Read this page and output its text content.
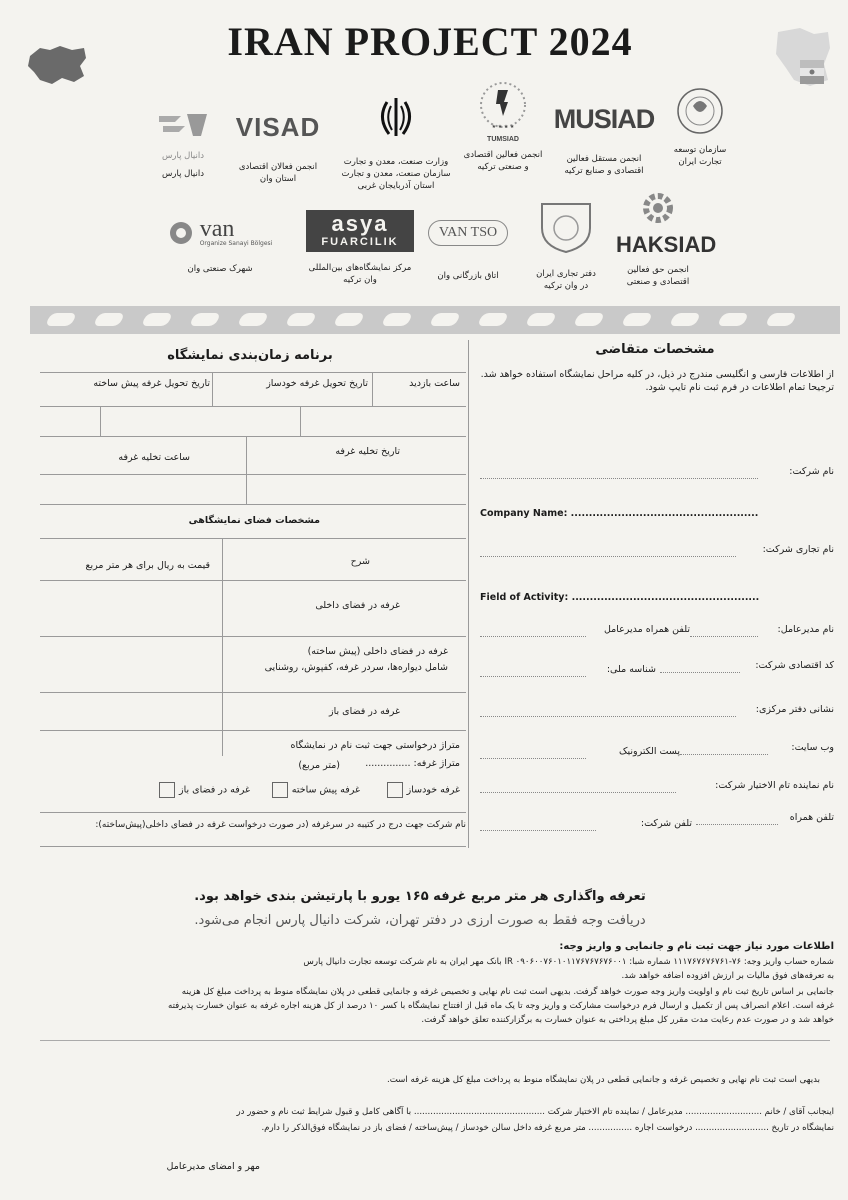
IRAN PROJECT 2024
سازمان توسعه
تجارت ایران
MUSIAD
انجمن مستقل فعالین
اقتصادی و صنایع ترکیه
★ ★ ★ ★
TUMSIAD
انجمن فعالین اقتصادی
و صنعتی ترکیه
وزارت صنعت، معدن و تجارت
سازمان صنعت، معدن و تجارت
استان آذربایجان غربی
VISAD
انجمن فعالان اقتصادی
استان وان
دانیال پارس
دانیال پارس
HAKSIAD
انجمن حق فعالین
اقتصادی و صنعتی
دفتر تجاری ایران
در وان ترکیه
VAN TSO
اتاق بازرگانی وان
asya
FUARCILIK
مرکز نمایشگاه‌های بین‌المللی
وان ترکیه
van
Organize Sanayi Bölgesi
شهرک صنعتی وان
برنامه زمان‌بندی نمایشگاه
ساعت بازدید
تاریخ تحویل غرفه خودساز
تاریخ تحویل غرفه پیش ساخته
تاریخ تخلیه غرفه
ساعت تخلیه غرفه
مشخصات فضای نمایشگاهی
شرح
قیمت به ریال برای هر متر مربع
غرفه در فضای داخلی
غرفه در فضای داخلی (پیش ساخته)
شامل دیواره‌ها، سردر غرفه، کفپوش، روشنایی
غرفه در فضای باز
متراژ درخواستی جهت ثبت نام در نمایشگاه
متراژ غرفه: ...............
(متر مربع)
غرفه خودساز
غرفه پیش ساخته
غرفه در فضای باز
نام شرکت جهت درج در کتیبه در سرغرفه (در صورت درخواست غرفه در فضای داخلی(پیش‌ساخته):
مشخصات متقاضی
از اطلاعات فارسی و انگلیسی مندرج در ذیل، در کلیه مراحل نمایشگاه استفاده خواهد شد. ترجیحا تمام اطلاعات در فرم ثبت نام تایپ شود.
نام شرکت:
Company Name: ....................................................
نام تجاری شرکت:
Field of Activity: ....................................................
نام مدیرعامل:
تلفن همراه مدیرعامل
کد اقتصادی شرکت:
شناسه ملی:
نشانی دفتر مرکزی:
وب سایت:
پست الکترونیک
نام نماینده تام الاختیار شرکت:
تلفن همراه
تلفن شرکت:
تعرفه واگذاری هر متر مربع غرفه ۱۶۵ یورو با پارتیشن بندی خواهد بود.
دریافت وجه فقط به صورت ارزی در دفتر تهران، شرکت دانیال پارس انجام می‌شود.
اطلاعات مورد نیاز جهت ثبت نام و جانمایی و واریز وجه:
شماره حساب واریز وجه: ۷۶-۱۱۱۷۶۷۶۷۶۷۶۱ شماره شبا: IR ۰۹۰۶۰۰۷۶۰۱۰۱۱۷۶۷۶۷۶۷۶۰۰۱ بانک مهر ایران به نام شرکت توسعه تجارت دانیال پارس
به تعرفه‌های فوق مالیات بر ارزش افزوده اضافه خواهد شد.
جانمایی بر اساس تاریخ ثبت نام و اولویت واریز وجه صورت خواهد گرفت. بدیهی است ثبت نام نهایی و تخصیص غرفه و جانمایی قطعی در پلان نمایشگاه منوط به پرداخت مبلغ کل هزینه
غرفه است. اعلام انصراف پس از تکمیل و ارسال فرم درخواست مشارکت و واریز وجه تا یک ماه قبل از افتتاح نمایشگاه با کسر ۱۰ درصد از کل هزینه اجاره غرفه به عنوان خسارت پذیرفته
خواهد شد و در صورت عدم رعایت مدت مقرر کل مبلغ پرداختی به عنوان خسارت به برگزارکننده تعلق خواهد گرفت.
بدیهی است ثبت نام نهایی و تخصیص غرفه و جانمایی قطعی در پلان نمایشگاه منوط به پرداخت مبلغ کل هزینه غرفه است.
اینجانب آقای / خانم ............................ مدیرعامل / نماینده تام الاختیار شرکت ................................................ با آگاهی کامل و قبول شرایط ثبت نام و حضور در
نمایشگاه در تاریخ ........................... درخواست اجاره ................ متر مربع غرفه داخل سالن خودساز / پیش‌ساخته / فضای باز در نمایشگاه فوق‌الذکر را دارم.
مهر و امضای مدیرعامل
